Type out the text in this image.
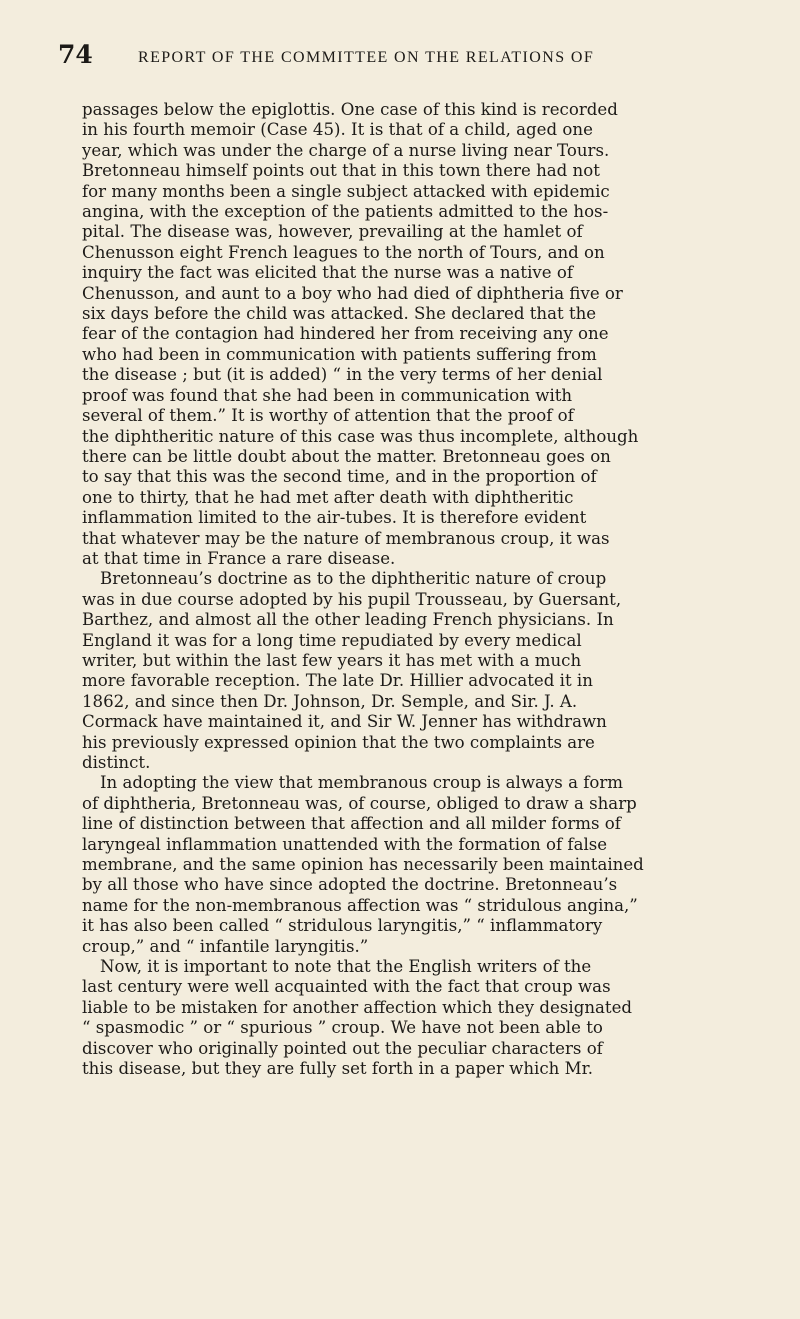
74	REPORT OF THE COMMITTEE ON THE RELATIONS OF
passages below the epiglottis. One case of this kind is recorded
in his fourth memoir (Case 45). It is that of a child, aged one
year, which was under the charge of a nurse living near Tours.
Bretonneau himself points out that in this town there had not
for many months been a single subject attacked with epidemic
angina, with the exception of the patients admitted to the hos-
pital. The disease was, however, prevailing at the hamlet of
Chenusson eight French leagues to the north of Tours, and on
inquiry the fact was elicited that the nurse was a native of
Chenusson, and aunt to a boy who had died of diphtheria five or
six days before the child was attacked. She declared that the
fear of the contagion had hindered her from receiving any one
who had been in communication with patients suffering from
the disease ; but (it is added) “ in the very terms of her denial
proof was found that she had been in communication with
several of them.” It is worthy of attention that the proof of
the diphtheritic nature of this case was thus incomplete, although
there can be little doubt about the matter. Bretonneau goes on
to say that this was the second time, and in the proportion of
one to thirty, that he had met after death with diphtheritic
inflammation limited to the air-tubes. It is therefore evident
that whatever may be the nature of membranous croup, it was
at that time in France a rare disease.
Bretonneau’s doctrine as to the diphtheritic nature of croup
was in due course adopted by his pupil Trousseau, by Guersant,
Barthez, and almost all the other leading French physicians. In
England it was for a long time repudiated by every medical
writer, but within the last few years it has met with a much
more favorable reception. The late Dr. Hillier advocated it in
1862, and since then Dr. Johnson, Dr. Semple, and Sir. J. A.
Cormack have maintained it, and Sir W. Jenner has withdrawn
his previously expressed opinion that the two complaints are
distinct.
In adopting the view that membranous croup is always a form
of diphtheria, Bretonneau was, of course, obliged to draw a sharp
line of distinction between that affection and all milder forms of
laryngeal inflammation unattended with the formation of false
membrane, and the same opinion has necessarily been maintained
by all those who have since adopted the doctrine. Bretonneau’s
name for the non-membranous affection was “ stridulous angina,”
it has also been called “ stridulous laryngitis,” “ inflammatory
croup,” and “ infantile laryngitis.”
Now, it is important to note that the English writers of the
last century were well acquainted with the fact that croup was
liable to be mistaken for another affection which they designated
“ spasmodic ” or “ spurious ” croup. We have not been able to
discover who originally pointed out the peculiar characters of
this disease, but they are fully set forth in a paper which Mr.
